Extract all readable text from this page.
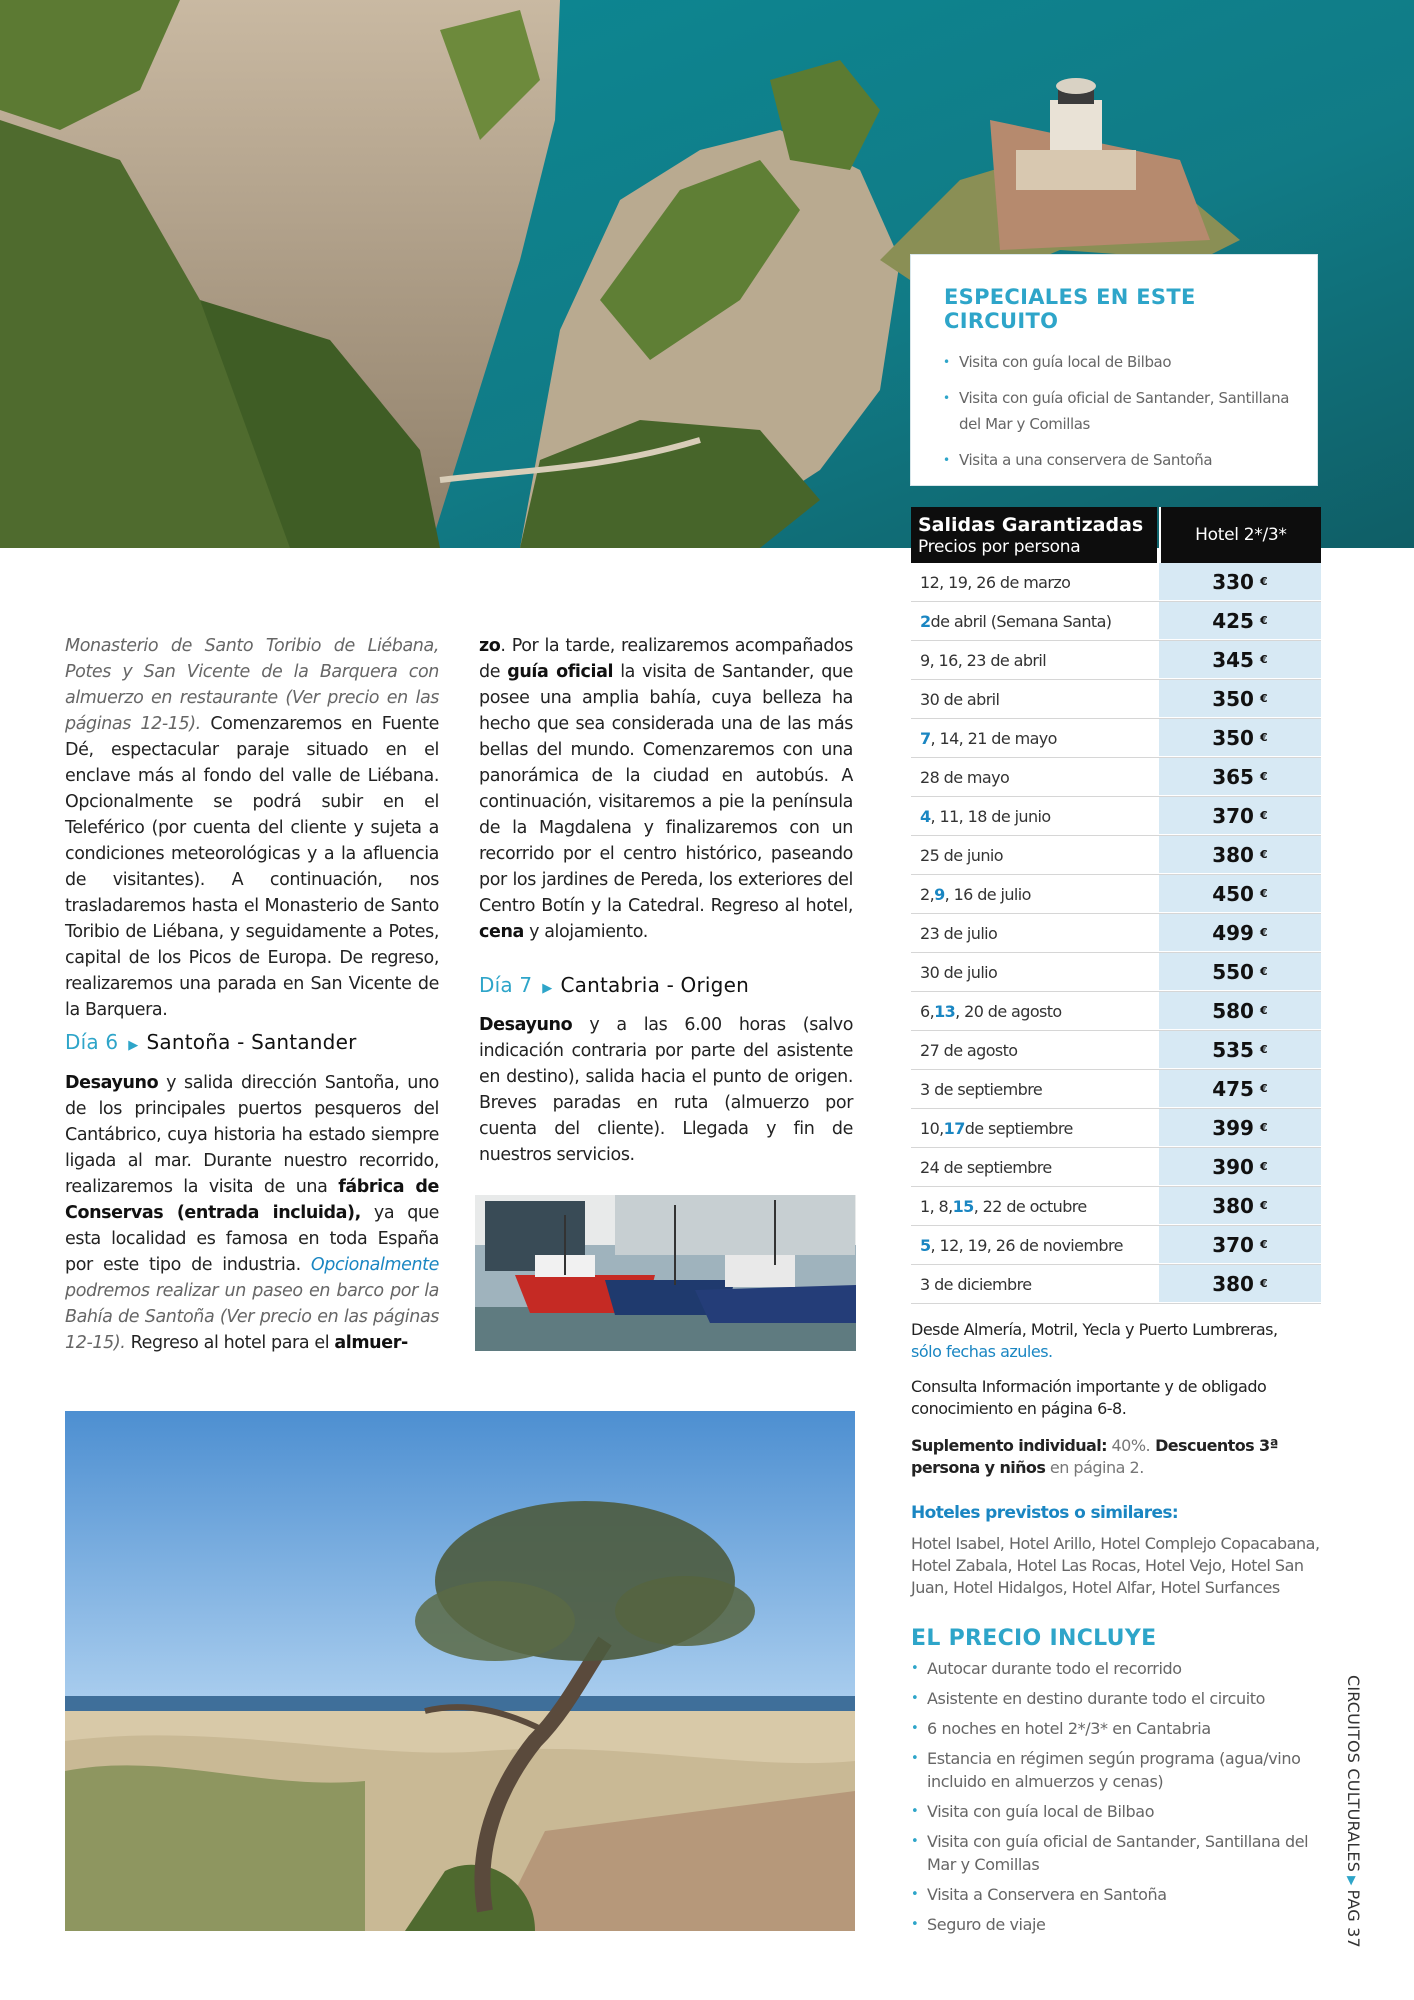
ESPECIALES EN ESTE CIRCUITO
• Visita con guía local de Bilbao
• Visita con guía oficial de Santander, Santillana del Mar y Comillas
• Visita a una conservera de Santoña
Salidas Garantizadas
Precios por persona
Hotel 2*/3*
12, 19, 26 de marzo	330 €
2 de abril (Semana Santa)	425 €
9, 16, 23 de abril	345 €
30 de abril	350 €
7 , 14, 21 de mayo	350 €
28 de mayo	365 €
4 , 11, 18 de junio	370 €
25 de junio	380 €
2, 9 , 16 de julio	450 €
23 de julio	499 €
30 de julio	550 €
6, 13 , 20 de agosto	580 €
27 de agosto	535 €
3 de septiembre	475 €
10, 17 de septiembre	399 €
24 de septiembre	390 €
1, 8, 15 , 22 de octubre	380 €
5 , 12, 19, 26 de noviembre	370 €
3 de diciembre	380 €
Desde Almería, Motril, Yecla y Puerto Lumbreras,
sólo fechas azules.
Consulta Información importante y de obligado conocimiento en página 6-8.
Suplemento individual: 40%. Descuentos 3ª persona y niños en página 2.
Hoteles previstos o similares:
Hotel Isabel, Hotel Arillo, Hotel Complejo Copacabana, Hotel Zabala, Hotel Las Rocas, Hotel Vejo, Hotel San Juan, Hotel Hidalgos, Hotel Alfar, Hotel Surfances
EL PRECIO INCLUYE
• Autocar durante todo el recorrido
• Asistente en destino durante todo el circuito
• 6 noches en hotel 2*/3* en Cantabria
• Estancia en régimen según programa (agua/vino incluido en almuerzos y cenas)
• Visita con guía local de Bilbao
• Visita con guía oficial de Santander, Santillana del Mar y Comillas
• Visita a Conservera en Santoña
• Seguro de viaje
CIRCUITOS CULTURALES▶PAG 37

Monasterio de Santo Toribio de Liébana, Potes y San Vicente de la Barquera con almuerzo en restaurante (Ver precio en las páginas 12-15). Comenzaremos en Fuente Dé, espectacular paraje situado en el enclave más al fondo del valle de Liébana. Opcionalmente se podrá subir en el Teleférico (por cuenta del cliente y sujeta a condiciones meteorológicas y a la afluencia de visitantes). A continuación, nos trasladaremos hasta el Monasterio de Santo Toribio de Liébana, y seguidamente a Potes, capital de los Picos de Europa. De regreso, realizaremos una parada en San Vicente de la Barquera.

Día 6 ▶ Santoña - Santander

Desayuno y salida dirección Santoña, uno de los principales puertos pesqueros del Cantábrico, cuya historia ha estado siempre ligada al mar. Durante nuestro recorrido, realizaremos la visita de una fábrica de Conservas (entrada incluida), ya que esta localidad es famosa en toda España por este tipo de industria. Opcionalmente podremos realizar un paseo en barco por la Bahía de Santoña (Ver precio en las páginas 12-15). Regreso al hotel para el almuer-

zo. Por la tarde, realizaremos acompañados de guía oficial la visita de Santander, que posee una amplia bahía, cuya belleza ha hecho que sea considerada una de las más bellas del mundo. Comenzaremos con una panorámica de la ciudad en autobús. A continuación, visitaremos a pie la península de la Magdalena y finalizaremos con un recorrido por el centro histórico, paseando por los jardines de Pereda, los exteriores del Centro Botín y la Catedral. Regreso al hotel, cena y alojamiento.

Día 7 ▶ Cantabria - Origen

Desayuno y a las 6.00 horas (salvo indicación contraria por parte del asistente en destino), salida hacia el punto de origen. Breves paradas en ruta (almuerzo por cuenta del cliente). Llegada y fin de nuestros servicios.
